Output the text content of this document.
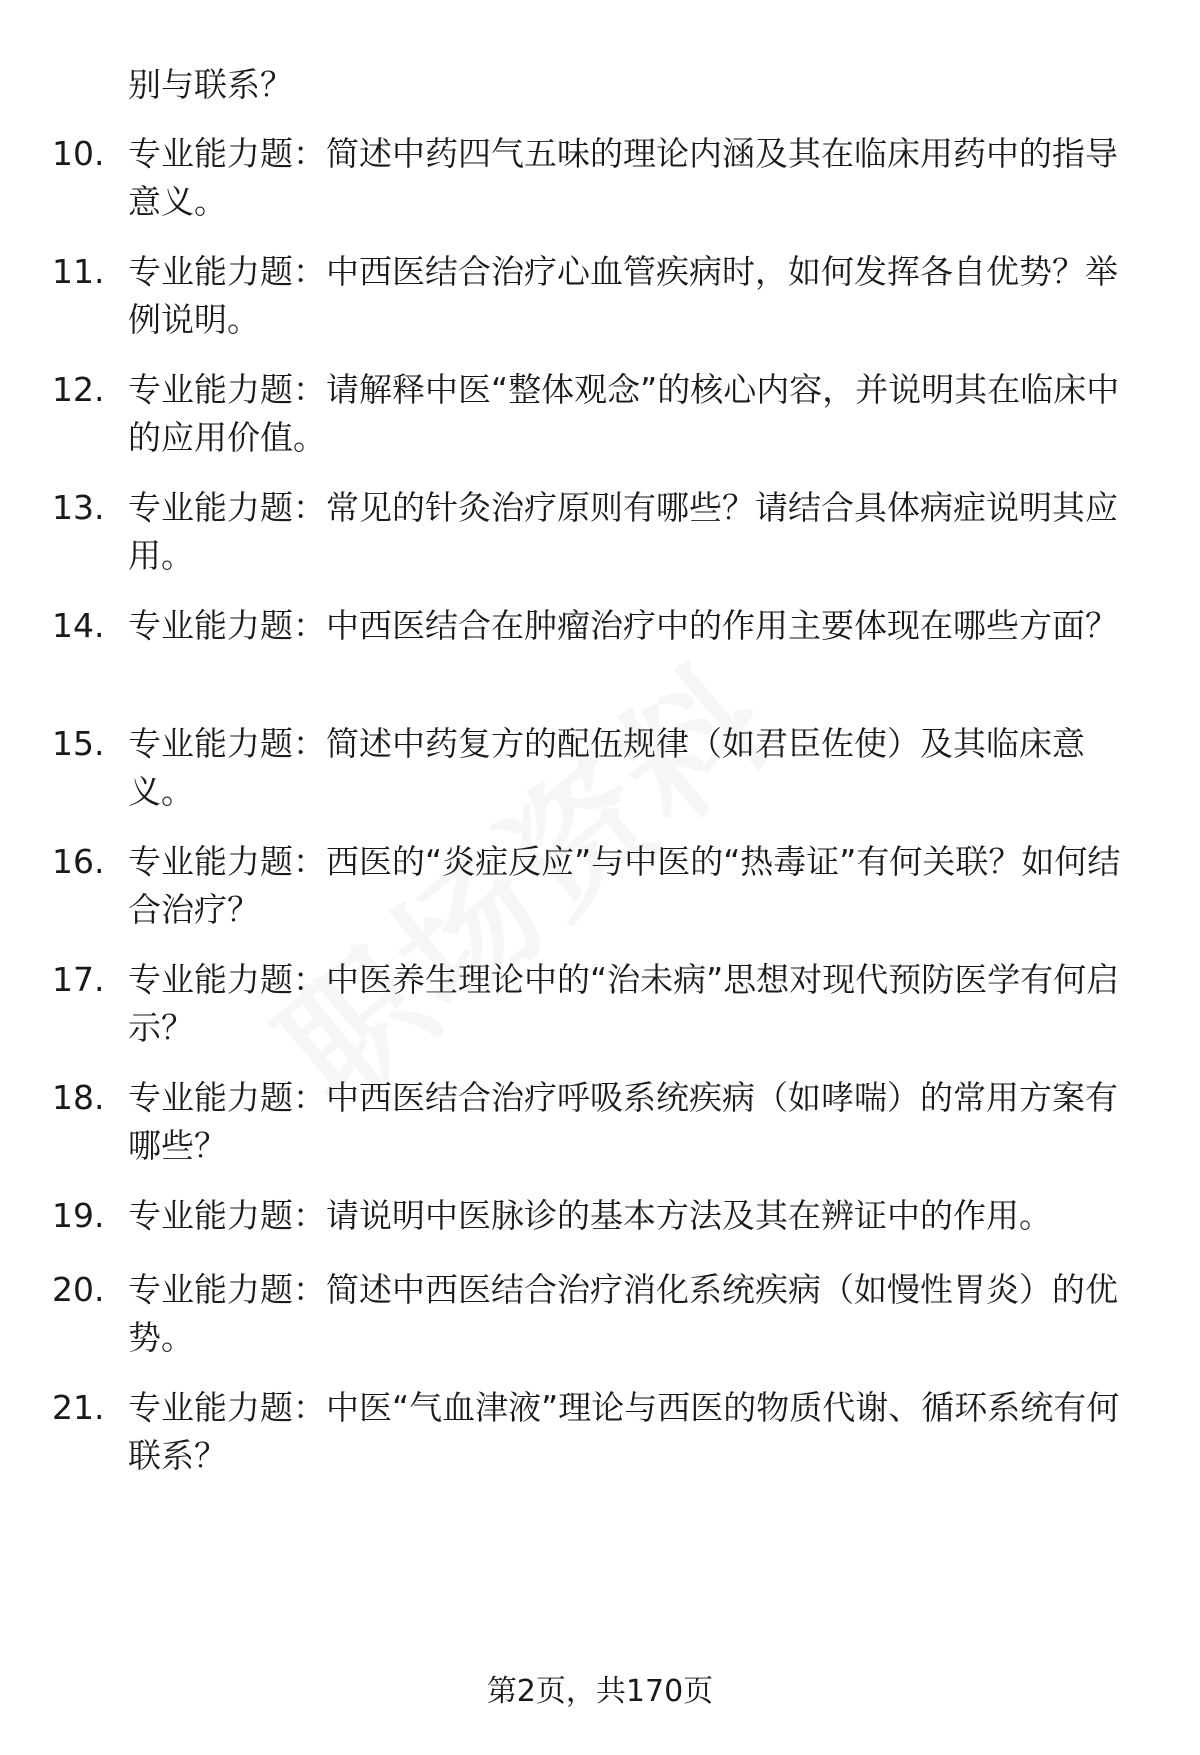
别与联系？
10. 专业能力题：简述中药四气五味的理论内涵及其在临床用药中的指导意义。
11. 专业能力题：中西医结合治疗心血管疾病时，如何发挥各自优势？举例说明。
12. 专业能力题：请解释中医“整体观念”的核心内容，并说明其在临床中的应用价值。
13. 专业能力题：常见的针灸治疗原则有哪些？请结合具体病症说明其应用。
14. 专业能力题：中西医结合在肿瘤治疗中的作用主要体现在哪些方面？
15. 专业能力题：简述中药复方的配伍规律（如君臣佐使）及其临床意义。
16. 专业能力题：西医的“炎症反应”与中医的“热毒证”有何关联？如何结合治疗？
17. 专业能力题：中医养生理论中的“治未病”思想对现代预防医学有何启示？
18. 专业能力题：中西医结合治疗呼吸系统疾病（如哮喘）的常用方案有哪些？
19. 专业能力题：请说明中医脉诊的基本方法及其在辨证中的作用。
20. 专业能力题：简述中西医结合治疗消化系统疾病（如慢性胃炎）的优势。
21. 专业能力题：中医“气血津液”理论与西医的物质代谢、循环系统有何联系？
第2页，共170页
